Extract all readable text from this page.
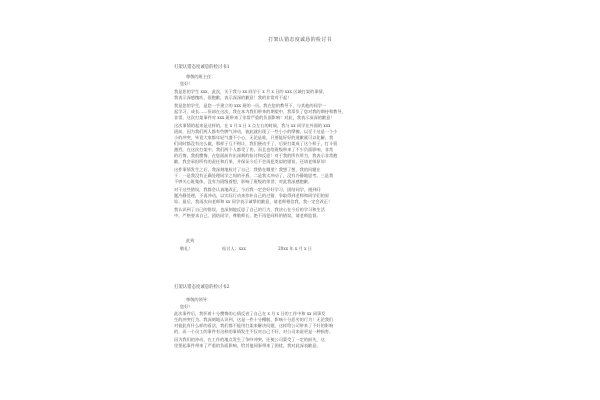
打架认错态度诚恳的检讨书
打架认错态度诚恳的检讨书1
尊敬的班主任：
您好！
我是您的学生 xxx，此次，关于我与 xx 同学于 x 月 x 日的 xxx 区域打架的事情，
我表示深感愧疚、很抱歉，表示深深的歉意！我的非常对不起！
我是您的学生，是您一手建立的 xxx 班的一员。我在您的教导下，与其他的同学一
起学习，成长……但却在这次，我在本为我们带来的期望中，我辜负了您对我的期待和教导，
非常，这次打架事件对 xxx 班带来了非常严重的负面影响！对此，我表示深深的歉意！
这次事情的起来是这样的，在 x 月 x 日 x 点左右的时候，我与 xx 同学在外面的 xxx
班前，因为我们两人都有些脾气冲动，彼此就出现了一些小小的摩擦，以至于这是一个小
小的冲突，毕竟大家都年轻气盛不小心，无论是谁，只要能好好的道歉就可以化解，我
们同时都没有这么做，那样子互不相让，我们便动手了，后果打架成了这个样子，打斗很
激烈，在这次打架中，我们两个人都受了伤，而且也给班级带来了不少负面影响，非常
的后悔，我很懊悔，在您面前作出深刻的检讨和反思！对于我的所作所为，我表示非常抱
歉，我会承担所有的责任和后果，并保证今后不会再犯类似的错误，还请老师原谅！
这件事情发生之后，我深刻地检讨了自己：我错在哪里？我想了想，我的问题在
于：一是我没有正确处理同学之间的矛盾，二是我太冲动了，没有冷静地思考，三是我
不够关心班集体，没有为班级着想，影响了班级的荣誉，对此我深感抱歉。
对于这些错误，我都会认真地改正，今后我一定会好好学习，团结同学，遇到问
题冷静处理，不再冲动，以实际行动来弥补自己的过错，争取得到老师和同学们的原
谅。最后，我再次向老师和 xx 同学表示诚挚的歉意，请老师相信我，我一定会改正！
我认识到了自己的错误，也深刻地反思了自己的行为，我决心在今后的学习和生活
中，严格要求自己，团结同学，尊敬师长，绝不再犯同样的错误，请老师监督。
此致
敬礼！	检讨人：xxx	20xx 年 x 月 x 日
打架认错态度诚恳的检讨书2
尊敬的领导：
您好！
此次事件后，我怀着十分懊悔的心情反省了自己在 x 月 x 日的工作中和 xx 同事发
生的冲突行为。我深刻地认识到，这是一件十分糟糕，影响十分恶劣的行为！无论我们
对彼此有什么样的看法，我们都不能用打架来解决问题，这样给公司带来了不好的影响
的，而一个员工的事件有这样的事情发生不仅对自己不好，对公司来说更是一种损害。
因为我们的冲动，在工作的地点发生了争吵冲突，还使公司蒙受了一定的损失，这
里要起事件带来了严重的负面影响，给其他同事带来了困扰，我对此深表歉意。
